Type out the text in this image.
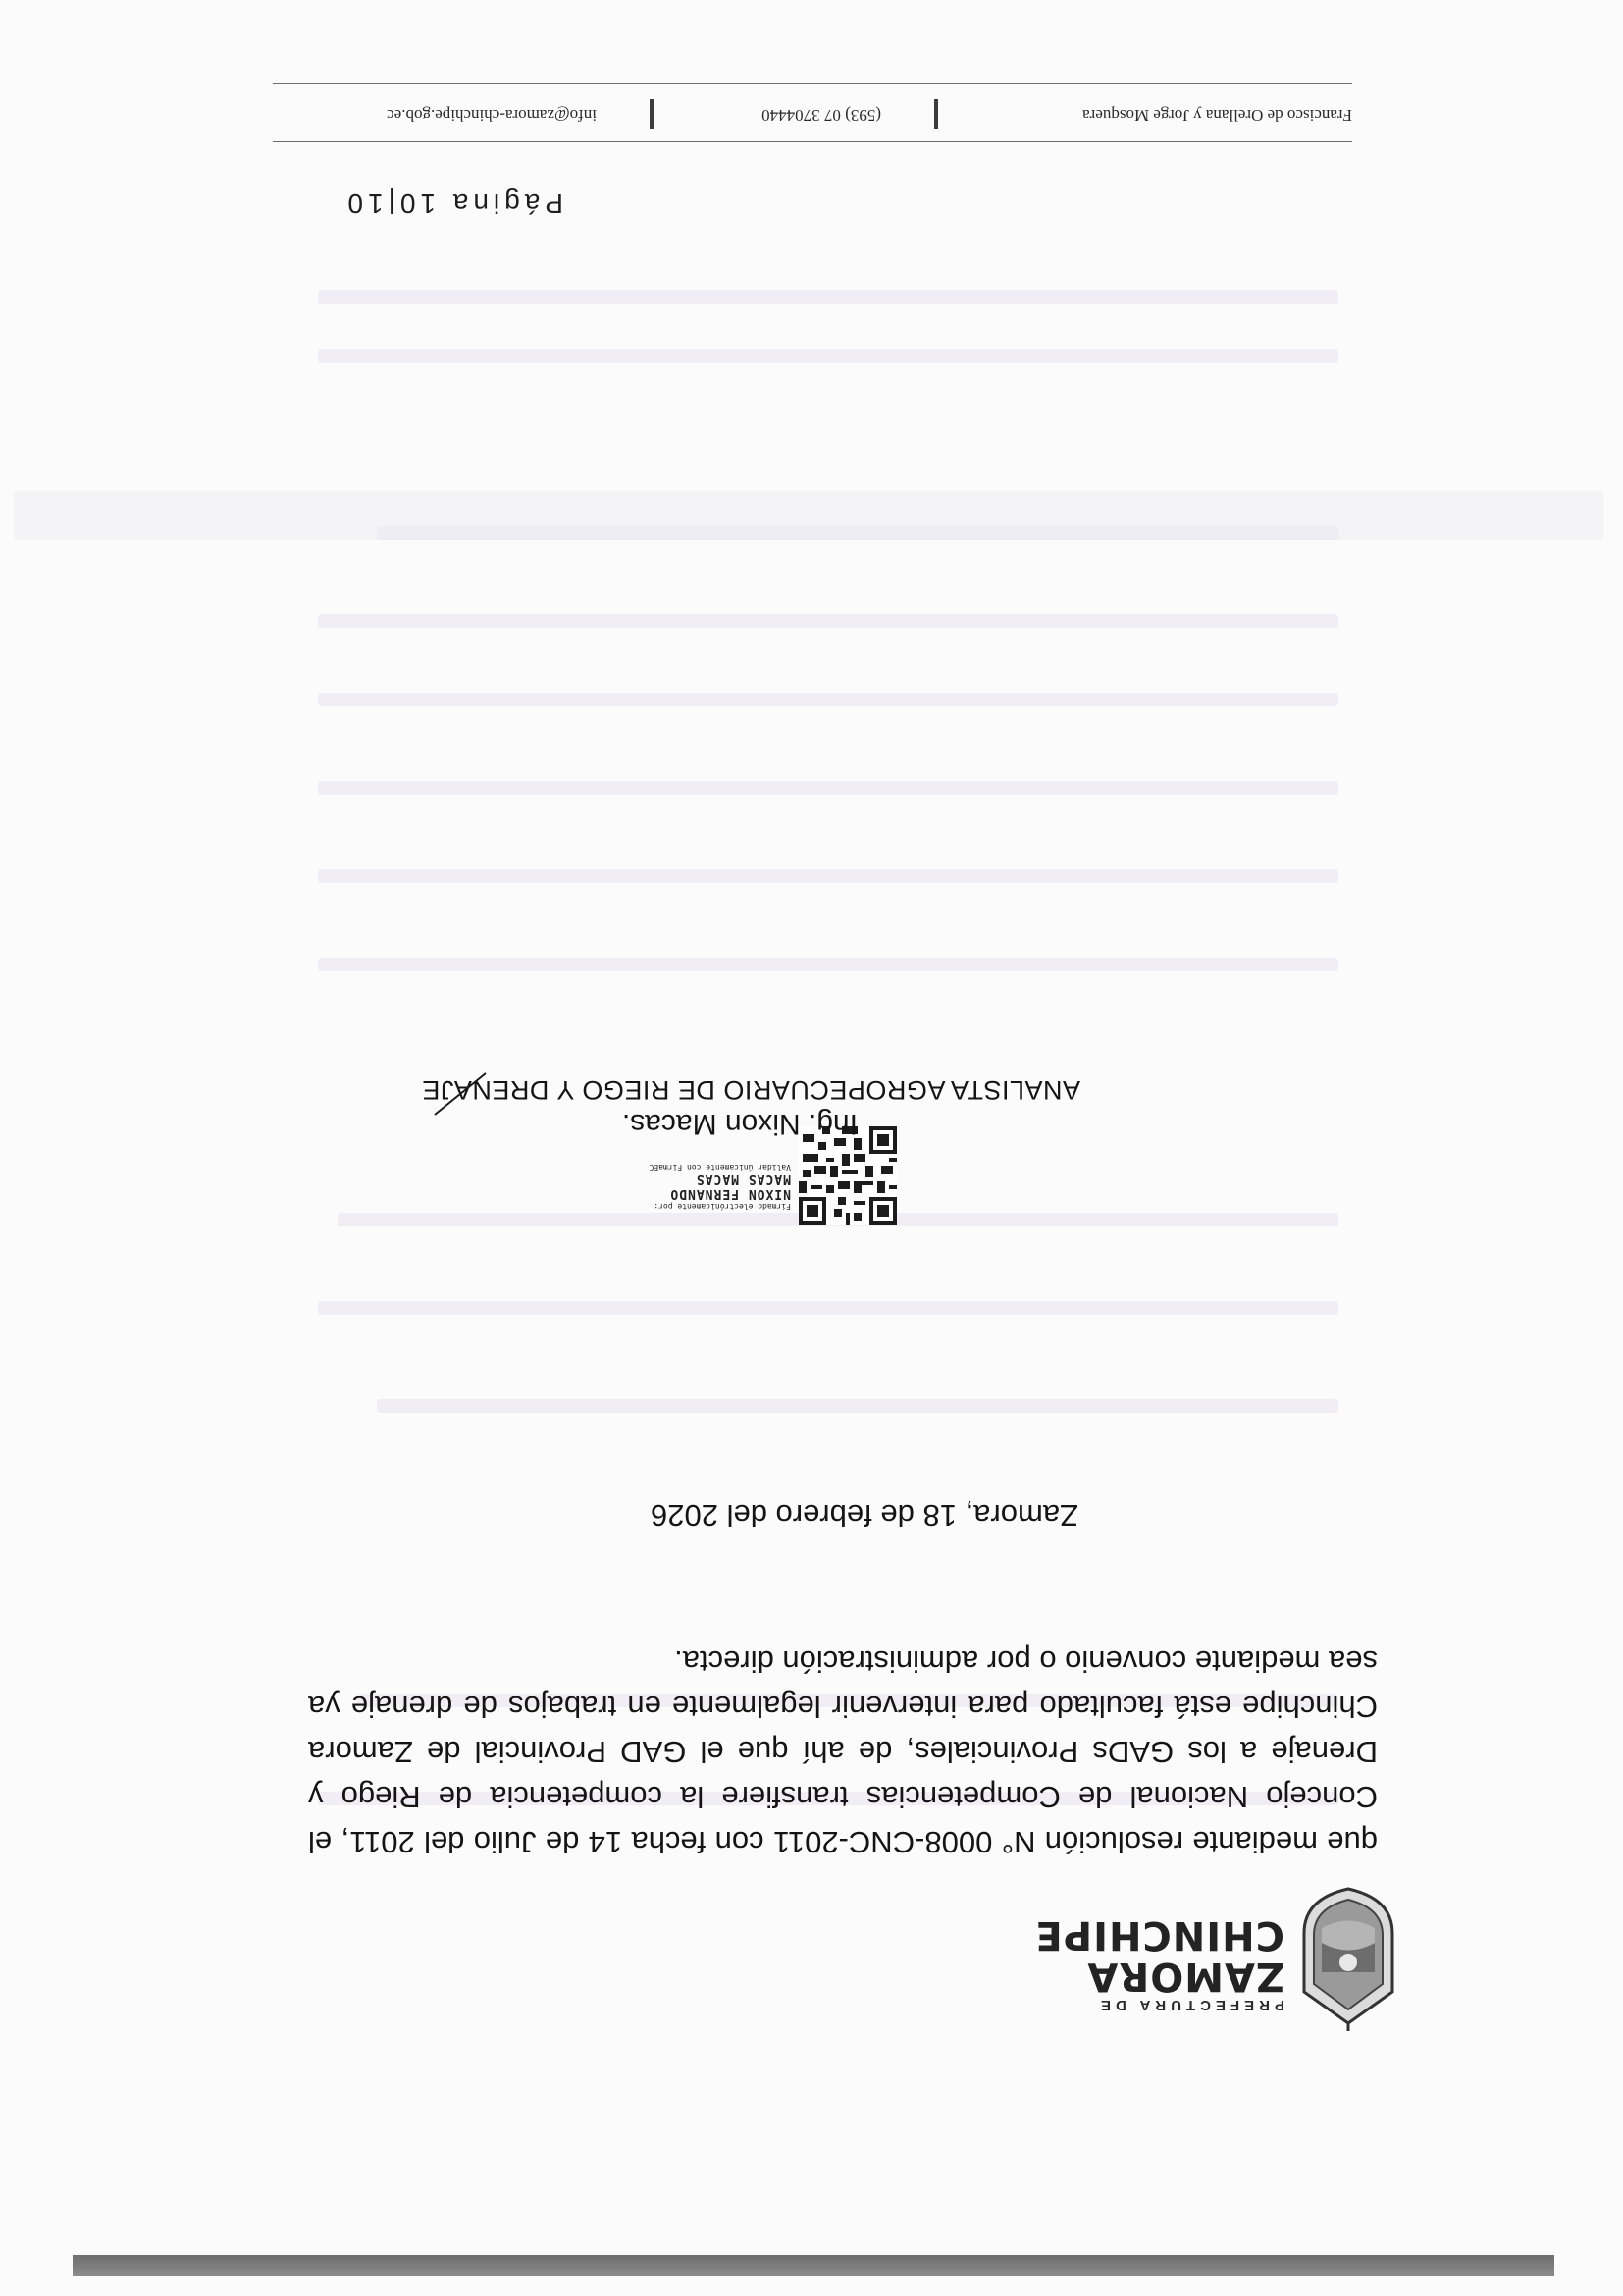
PREFECTURA DE
ZAMORA
CHINCHIPE
que mediante resolución N° 0008-CNC-2011 con fecha 14 de Julio del 2011, el Concejo Nacional de Competencias transfiere la competencia de Riego y Drenaje a los GADs Provinciales, de ahí que el GAD Provincial de Zamora Chinchipe está facultado para intervenir legalmente en trabajos de drenaje ya sea mediante convenio o por administración directa.
Zamora, 18 de febrero del 2026
Firmado electrónicamente por:
NIXON FERNANDO
MACAS MACAS
Validar únicamente con FirmaEC
Ing. Nixon Macas.
ANALISTA AGROPECUARIO DE RIEGO Y DRENAJE
Página 10|10
Francisco de Orellana y Jorge Mosquera
(593) 07 3704440
info@zamora-chinchipe.gob.ec
